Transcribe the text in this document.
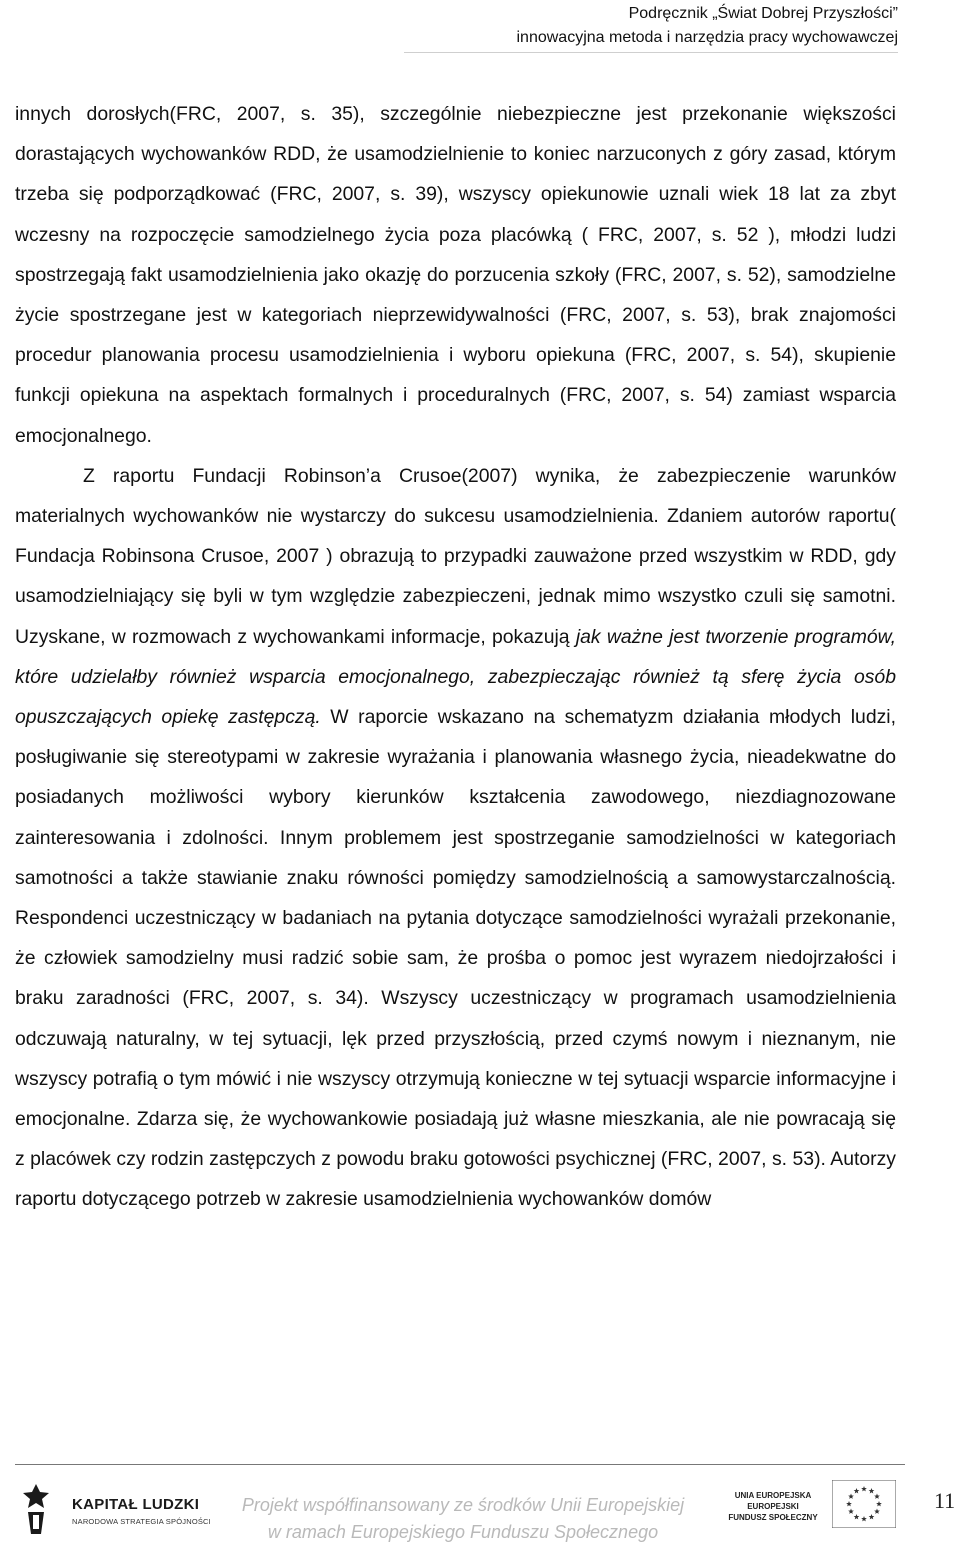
Podręcznik „Świat Dobrej Przyszłości”
innowacyjna metoda i narzędzia pracy wychowawczej

innych dorosłych(FRC, 2007, s. 35), szczególnie niebezpieczne jest przekonanie większości dorastających wychowanków RDD, że usamodzielnienie to koniec narzuconych z góry zasad, którym trzeba się podporządkować (FRC, 2007, s. 39), wszyscy opiekunowie uznali wiek 18 lat za zbyt wczesny na rozpoczęcie samodzielnego życia poza placówką ( FRC, 2007, s. 52 ), młodzi ludzi spostrzegają fakt usamodzielnienia jako okazję do porzucenia szkoły (FRC, 2007, s. 52), samodzielne życie spostrzegane jest w kategoriach nieprzewidywalności (FRC, 2007, s. 53), brak znajomości procedur planowania procesu usamodzielnienia i wyboru opiekuna (FRC, 2007, s. 54), skupienie funkcji opiekuna na aspektach formalnych i proceduralnych (FRC, 2007, s. 54) zamiast wsparcia emocjonalnego.

Z raportu Fundacji Robinson’a Crusoe(2007) wynika, że zabezpieczenie warunków materialnych wychowanków nie wystarczy do sukcesu usamodzielnienia. Zdaniem autorów raportu( Fundacja Robinsona Crusoe, 2007 ) obrazują to przypadki zauważone przed wszystkim w RDD, gdy usamodzielniający się byli w tym względzie zabezpieczeni, jednak mimo wszystko czuli się samotni. Uzyskane, w rozmowach z wychowankami informacje, pokazują jak ważne jest tworzenie programów, które udzielałby również wsparcia emocjonalnego, zabezpieczając również tą sferę życia osób opuszczających opiekę zastępczą. W raporcie wskazano na schematyzm działania młodych ludzi, posługiwanie się stereotypami w zakresie wyrażania i planowania własnego życia, nieadekwatne do posiadanych możliwości wybory kierunków kształcenia zawodowego, niezdiagnozowane zainteresowania i zdolności. Innym problemem jest spostrzeganie samodzielności w kategoriach samotności a także stawianie znaku równości pomiędzy samodzielnością a samowystarczalnością. Respondenci uczestniczący w badaniach na pytania dotyczące samodzielności wyrażali przekonanie, że człowiek samodzielny musi radzić sobie sam, że prośba o pomoc jest wyrazem niedojrzałości i braku zaradności (FRC, 2007, s. 34). Wszyscy uczestniczący w programach usamodzielnienia odczuwają naturalny, w tej sytuacji, lęk przed przyszłością, przed czymś nowym i nieznanym, nie wszyscy potrafią o tym mówić i nie wszyscy otrzymują konieczne w tej sytuacji wsparcie informacyjne i emocjonalne. Zdarza się, że wychowankowie posiadają już własne mieszkania, ale nie powracają się z placówek czy rodzin zastępczych z powodu braku gotowości psychicznej (FRC, 2007, s. 53). Autorzy raportu dotyczącego potrzeb w zakresie usamodzielnienia wychowanków domów

KAPITAŁ LUDZKI
NARODOWA STRATEGIA SPÓJNOŚCI
Projekt współfinansowany ze środków Unii Europejskiej
w ramach Europejskiego Funduszu Społecznego
UNIA EUROPEJSKA
EUROPEJSKI
FUNDUSZ SPOŁECZNY
11
